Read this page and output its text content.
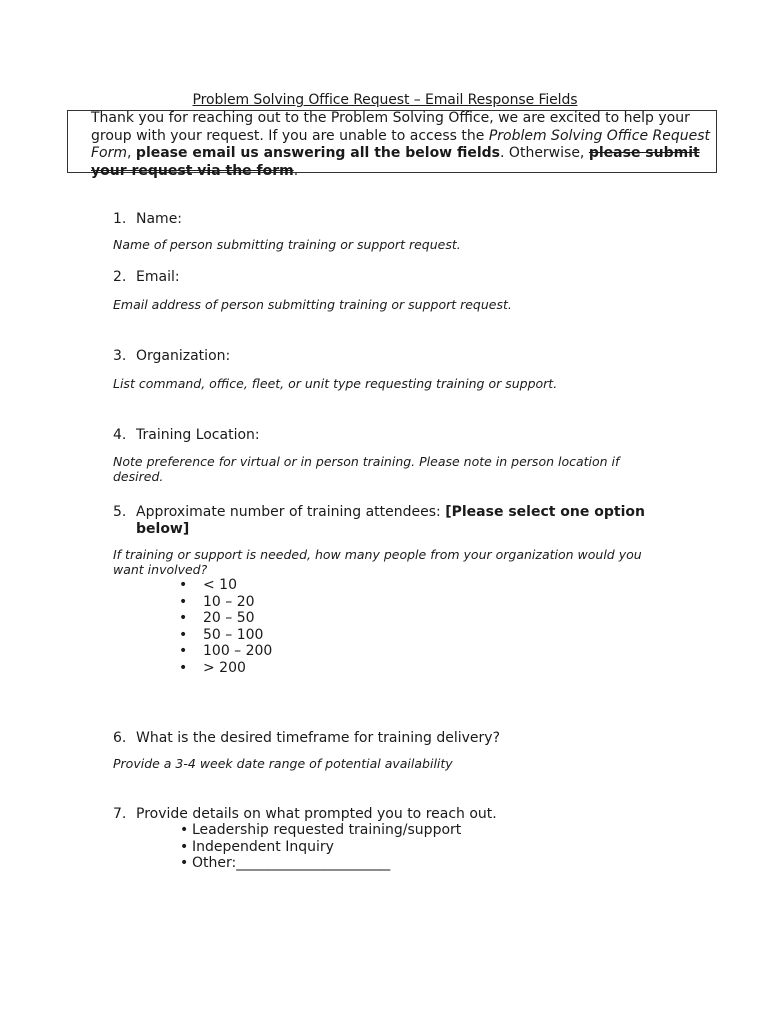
Problem Solving Office Request – Email Response Fields
Thank you for reaching out to the Problem Solving Office, we are excited to help your group with your request. If you are unable to access the Problem Solving Office Request Form, please email us answering all the below fields. Otherwise, please submit your request via the form.
1. Name:
Name of person submitting training or support request.
2. Email:
Email address of person submitting training or support request.
3. Organization:
List command, office, fleet, or unit type requesting training or support.
4. Training Location:
Note preference for virtual or in person training. Please note in person location if desired.
5. Approximate number of training attendees: [Please select one option below]
If training or support is needed, how many people from your organization would you want involved?
• < 10
• 10 – 20
• 20 – 50
• 50 – 100
• 100 – 200
• > 200
6. What is the desired timeframe for training delivery?
Provide a 3-4 week date range of potential availability
7. Provide details on what prompted you to reach out.
• Leadership requested training/support
• Independent Inquiry
• Other:______________________
